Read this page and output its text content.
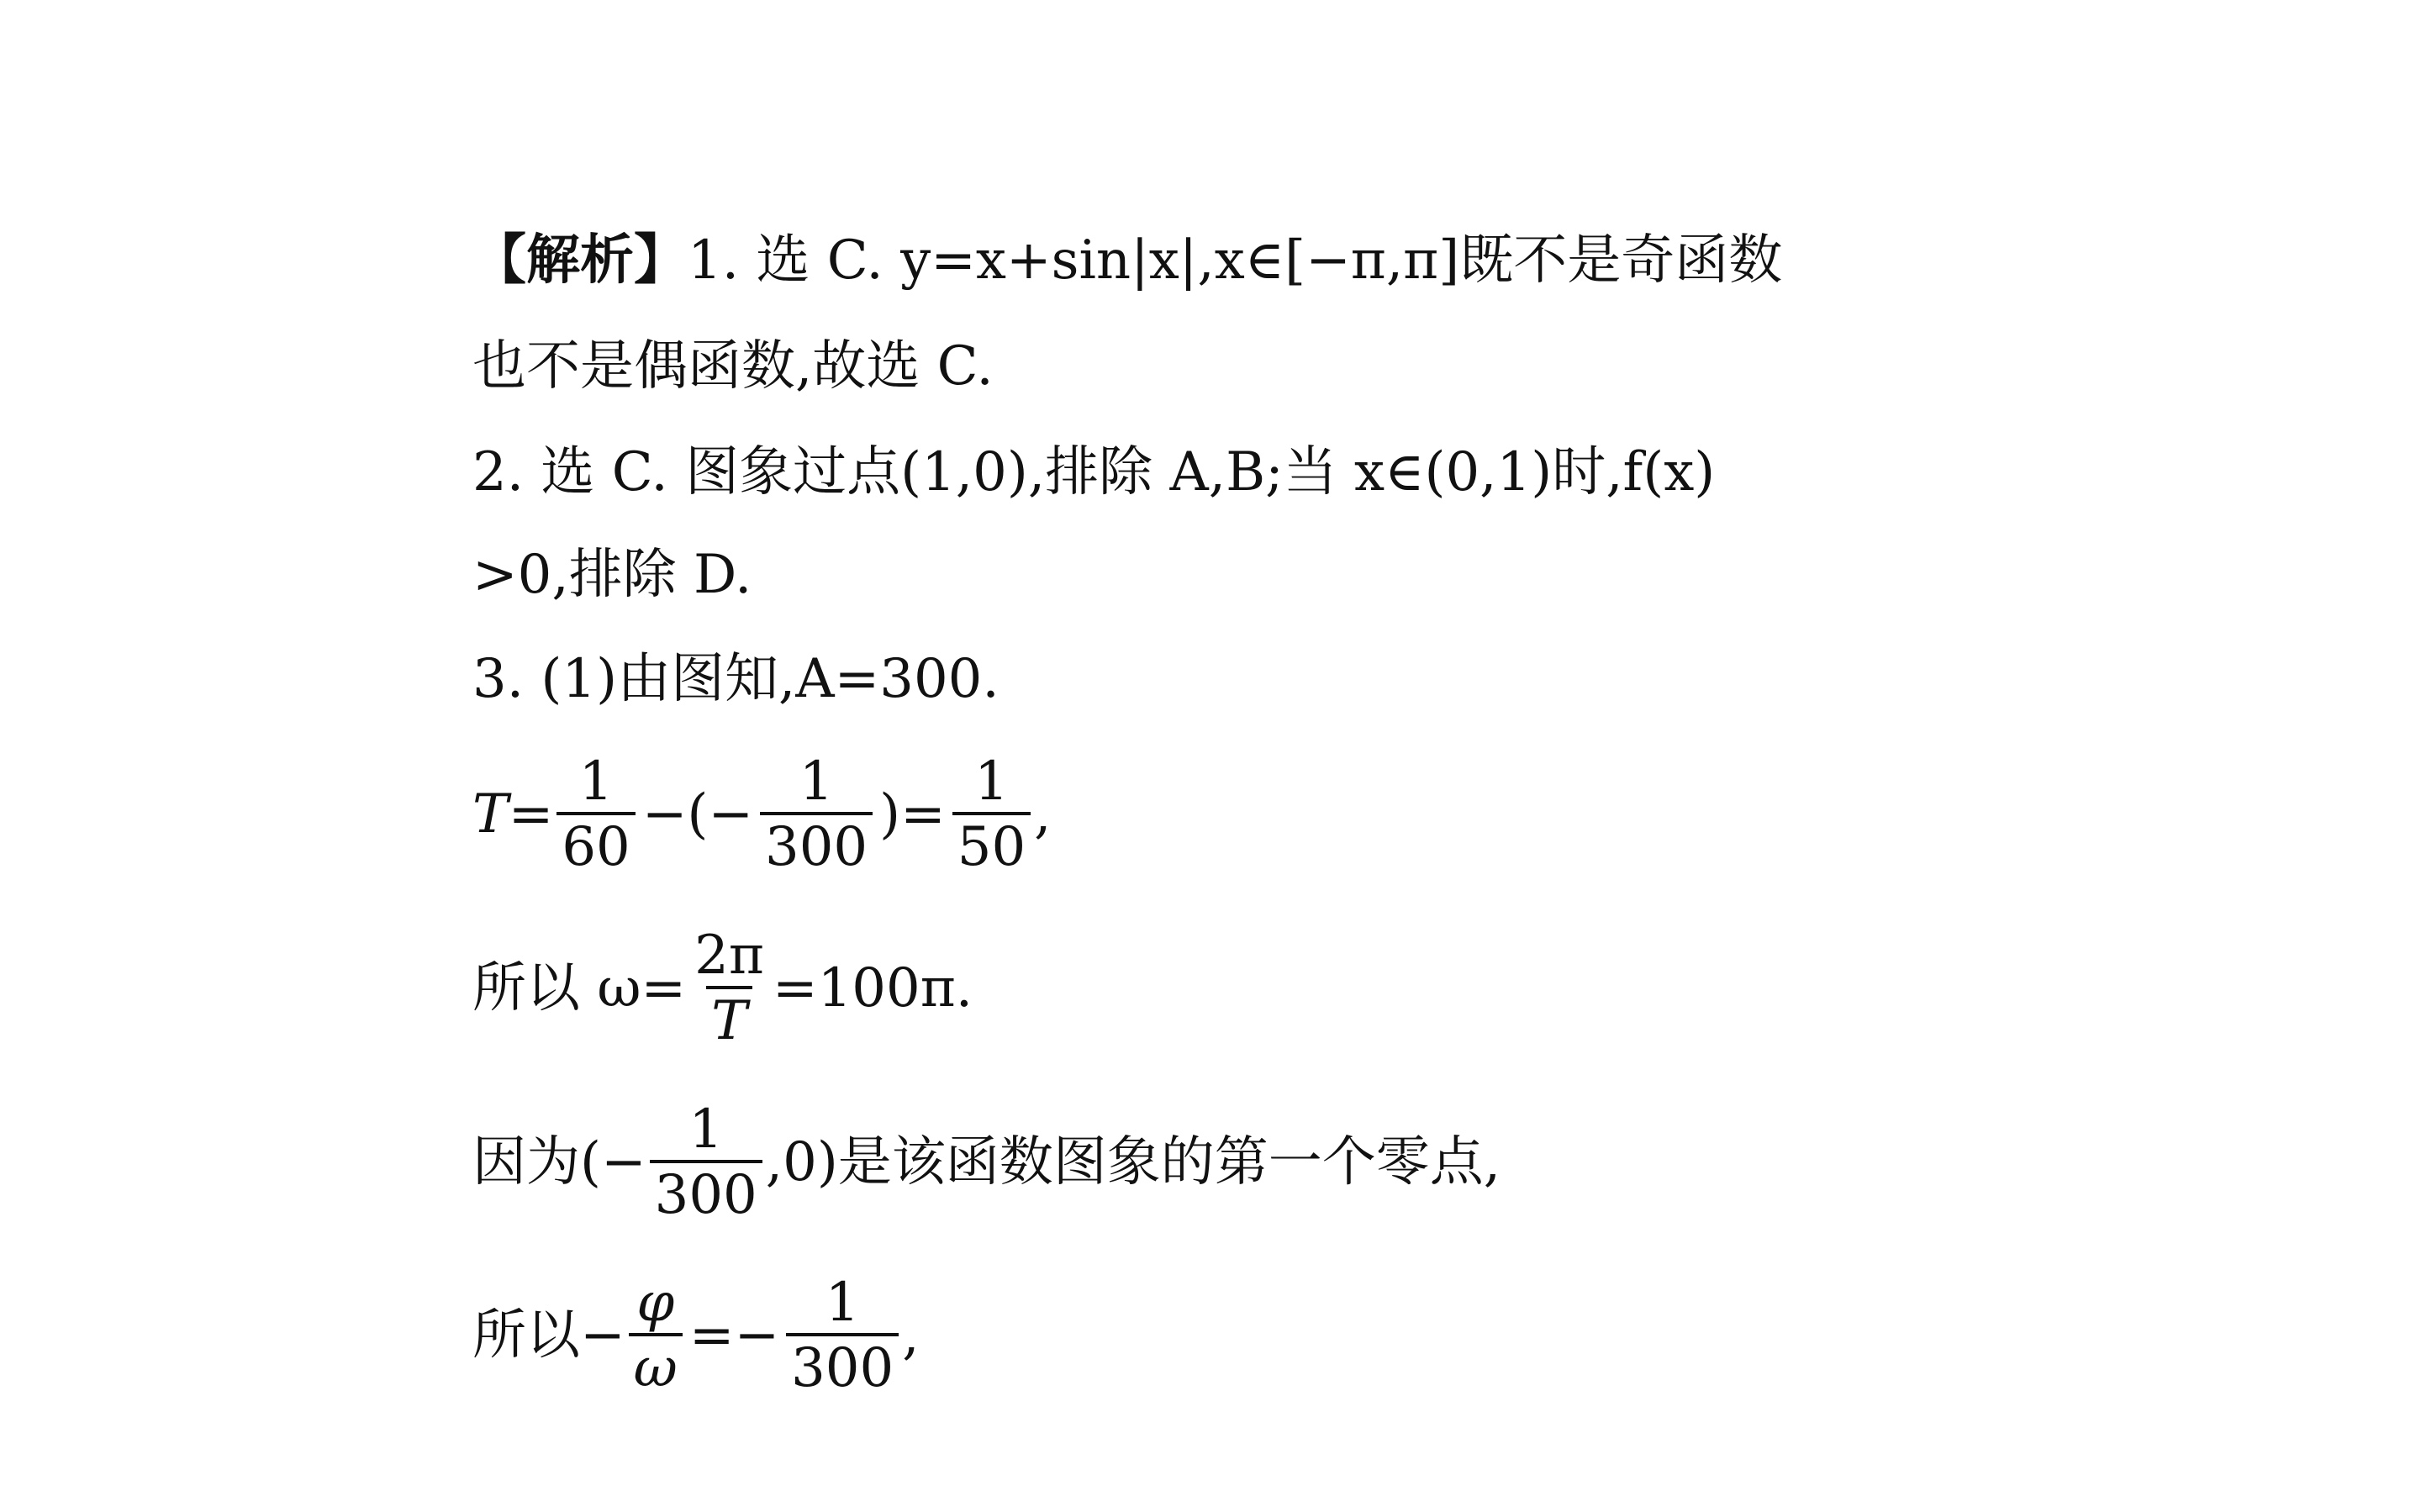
【解析】 1. 选 C. y=x+sin|x|,x∈[−π,π]既不是奇函数
也不是偶函数,故选 C.
2. 选 C. 图象过点(1,0),排除 A,B;当 x∈(0,1)时,f(x)
>0,排除 D.
3. (1)由图知,A=300.
$T= \frac{1}{60}$ −(− $\frac{1}{300}$ )= $\frac{1}{50}$ ,
所以 $\omega= \frac{2\pi}{T} =100\pi$.
因为(− $\frac{1}{300} ,0$)是该函数图象的第一个零点,
所以− $\frac{\varphi}{\omega} =- \frac{1}{300}$ ,
